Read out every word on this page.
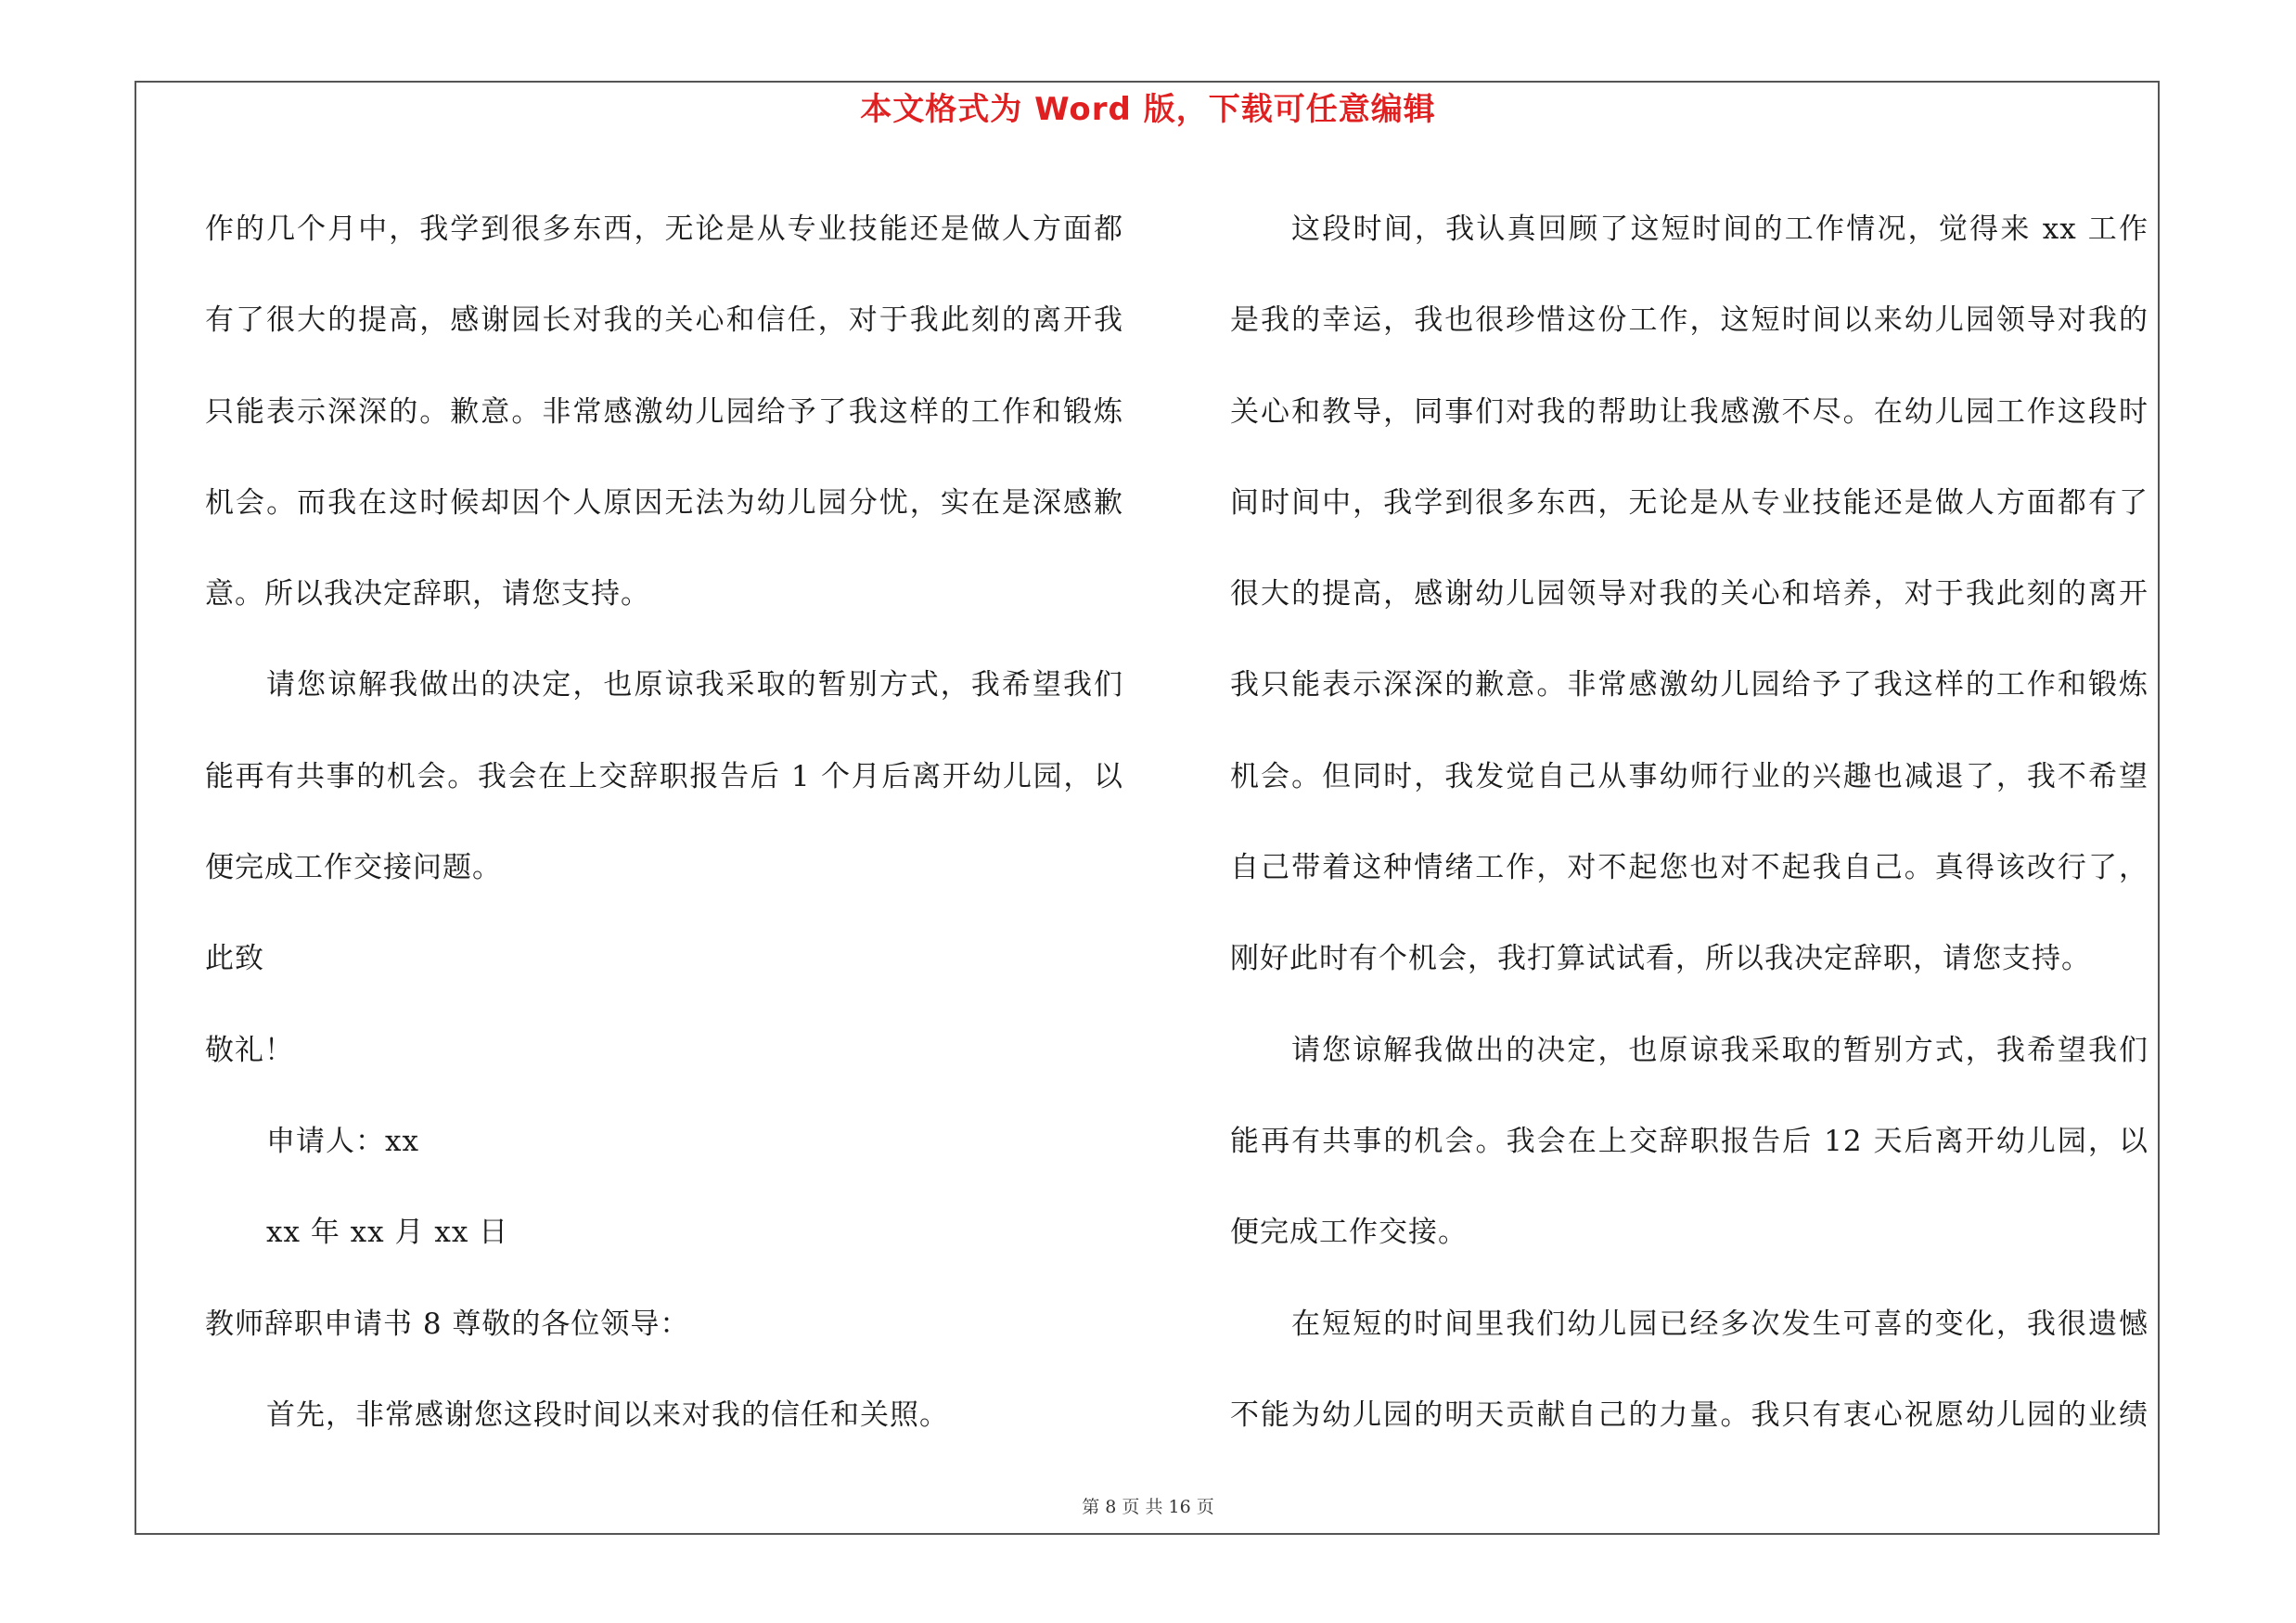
本文格式为 Word 版，下载可任意编辑
作的几个月中，我学到很多东西，无论是从专业技能还是做人方面都
有了很大的提高，感谢园长对我的关心和信任，对于我此刻的离开我
只能表示深深的。歉意。非常感激幼儿园给予了我这样的工作和锻炼
机会。而我在这时候却因个人原因无法为幼儿园分忧，实在是深感歉
意。所以我决定辞职，请您支持。
请您谅解我做出的决定，也原谅我采取的暂别方式，我希望我们
能再有共事的机会。我会在上交辞职报告后 1 个月后离开幼儿园，以
便完成工作交接问题。
此致
敬礼！
申请人：xx
xx 年 xx 月 xx 日
教师辞职申请书 8 尊敬的各位领导：
首先，非常感谢您这段时间以来对我的信任和关照。
这段时间，我认真回顾了这短时间的工作情况，觉得来 xx 工作
是我的幸运，我也很珍惜这份工作，这短时间以来幼儿园领导对我的
关心和教导，同事们对我的帮助让我感激不尽。在幼儿园工作这段时
间时间中，我学到很多东西，无论是从专业技能还是做人方面都有了
很大的提高，感谢幼儿园领导对我的关心和培养，对于我此刻的离开
我只能表示深深的歉意。非常感激幼儿园给予了我这样的工作和锻炼
机会。但同时，我发觉自己从事幼师行业的兴趣也减退了，我不希望
自己带着这种情绪工作，对不起您也对不起我自己。真得该改行了，
刚好此时有个机会，我打算试试看，所以我决定辞职，请您支持。
请您谅解我做出的决定，也原谅我采取的暂别方式，我希望我们
能再有共事的机会。我会在上交辞职报告后 12 天后离开幼儿园，以
便完成工作交接。
在短短的时间里我们幼儿园已经多次发生可喜的变化，我很遗憾
不能为幼儿园的明天贡献自己的力量。我只有衷心祝愿幼儿园的业绩
第 8 页 共 16 页
